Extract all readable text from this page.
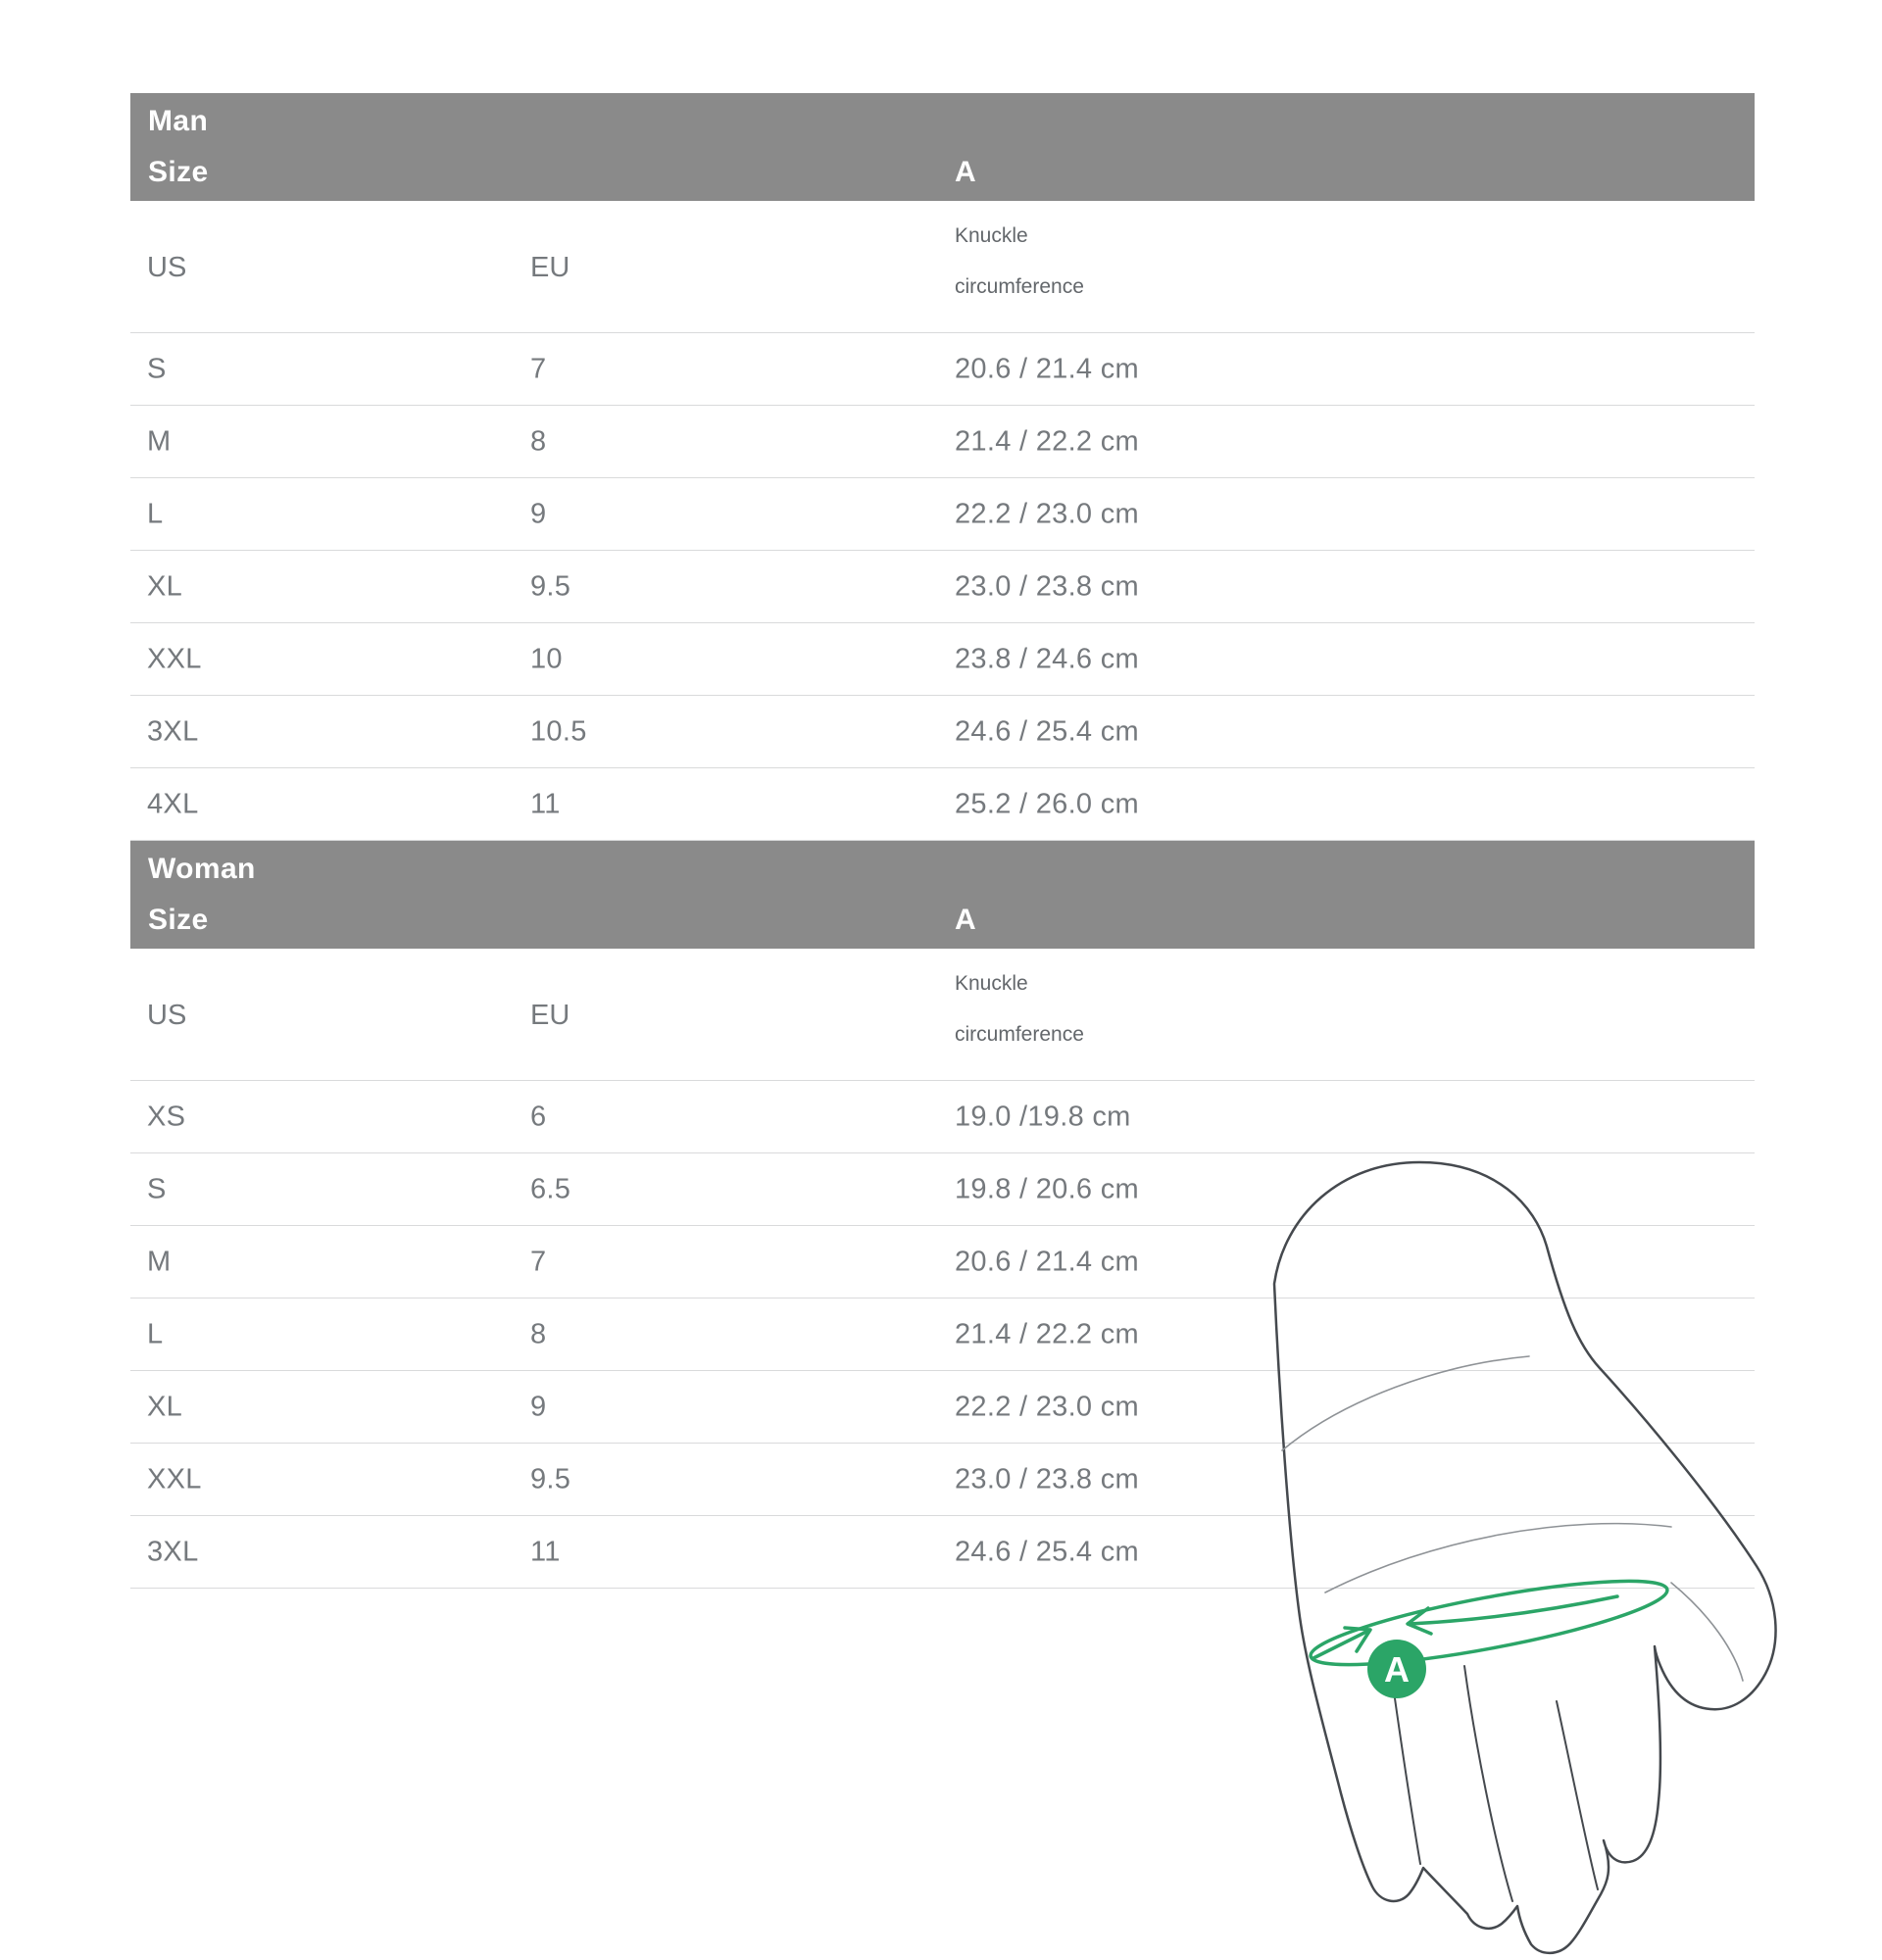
Man
Size	A
US	EU
Knuckle
circumference
S	7	20.6 / 21.4 cm
M	8	21.4 / 22.2 cm
L	9	22.2 / 23.0 cm
XL	9.5	23.0 / 23.8 cm
XXL	10	23.8 / 24.6 cm
3XL	10.5	24.6 / 25.4 cm
4XL	11	25.2 / 26.0 cm
Woman
Size	A
US	EU
Knuckle
circumference
XS	6	19.0 /19.8 cm
S	6.5	19.8 / 20.6 cm
M	7	20.6 / 21.4 cm
L	8	21.4 / 22.2 cm
XL	9	22.2 / 23.0 cm
XXL	9.5	23.0 / 23.8 cm
3XL	11	24.6 / 25.4 cm
A
